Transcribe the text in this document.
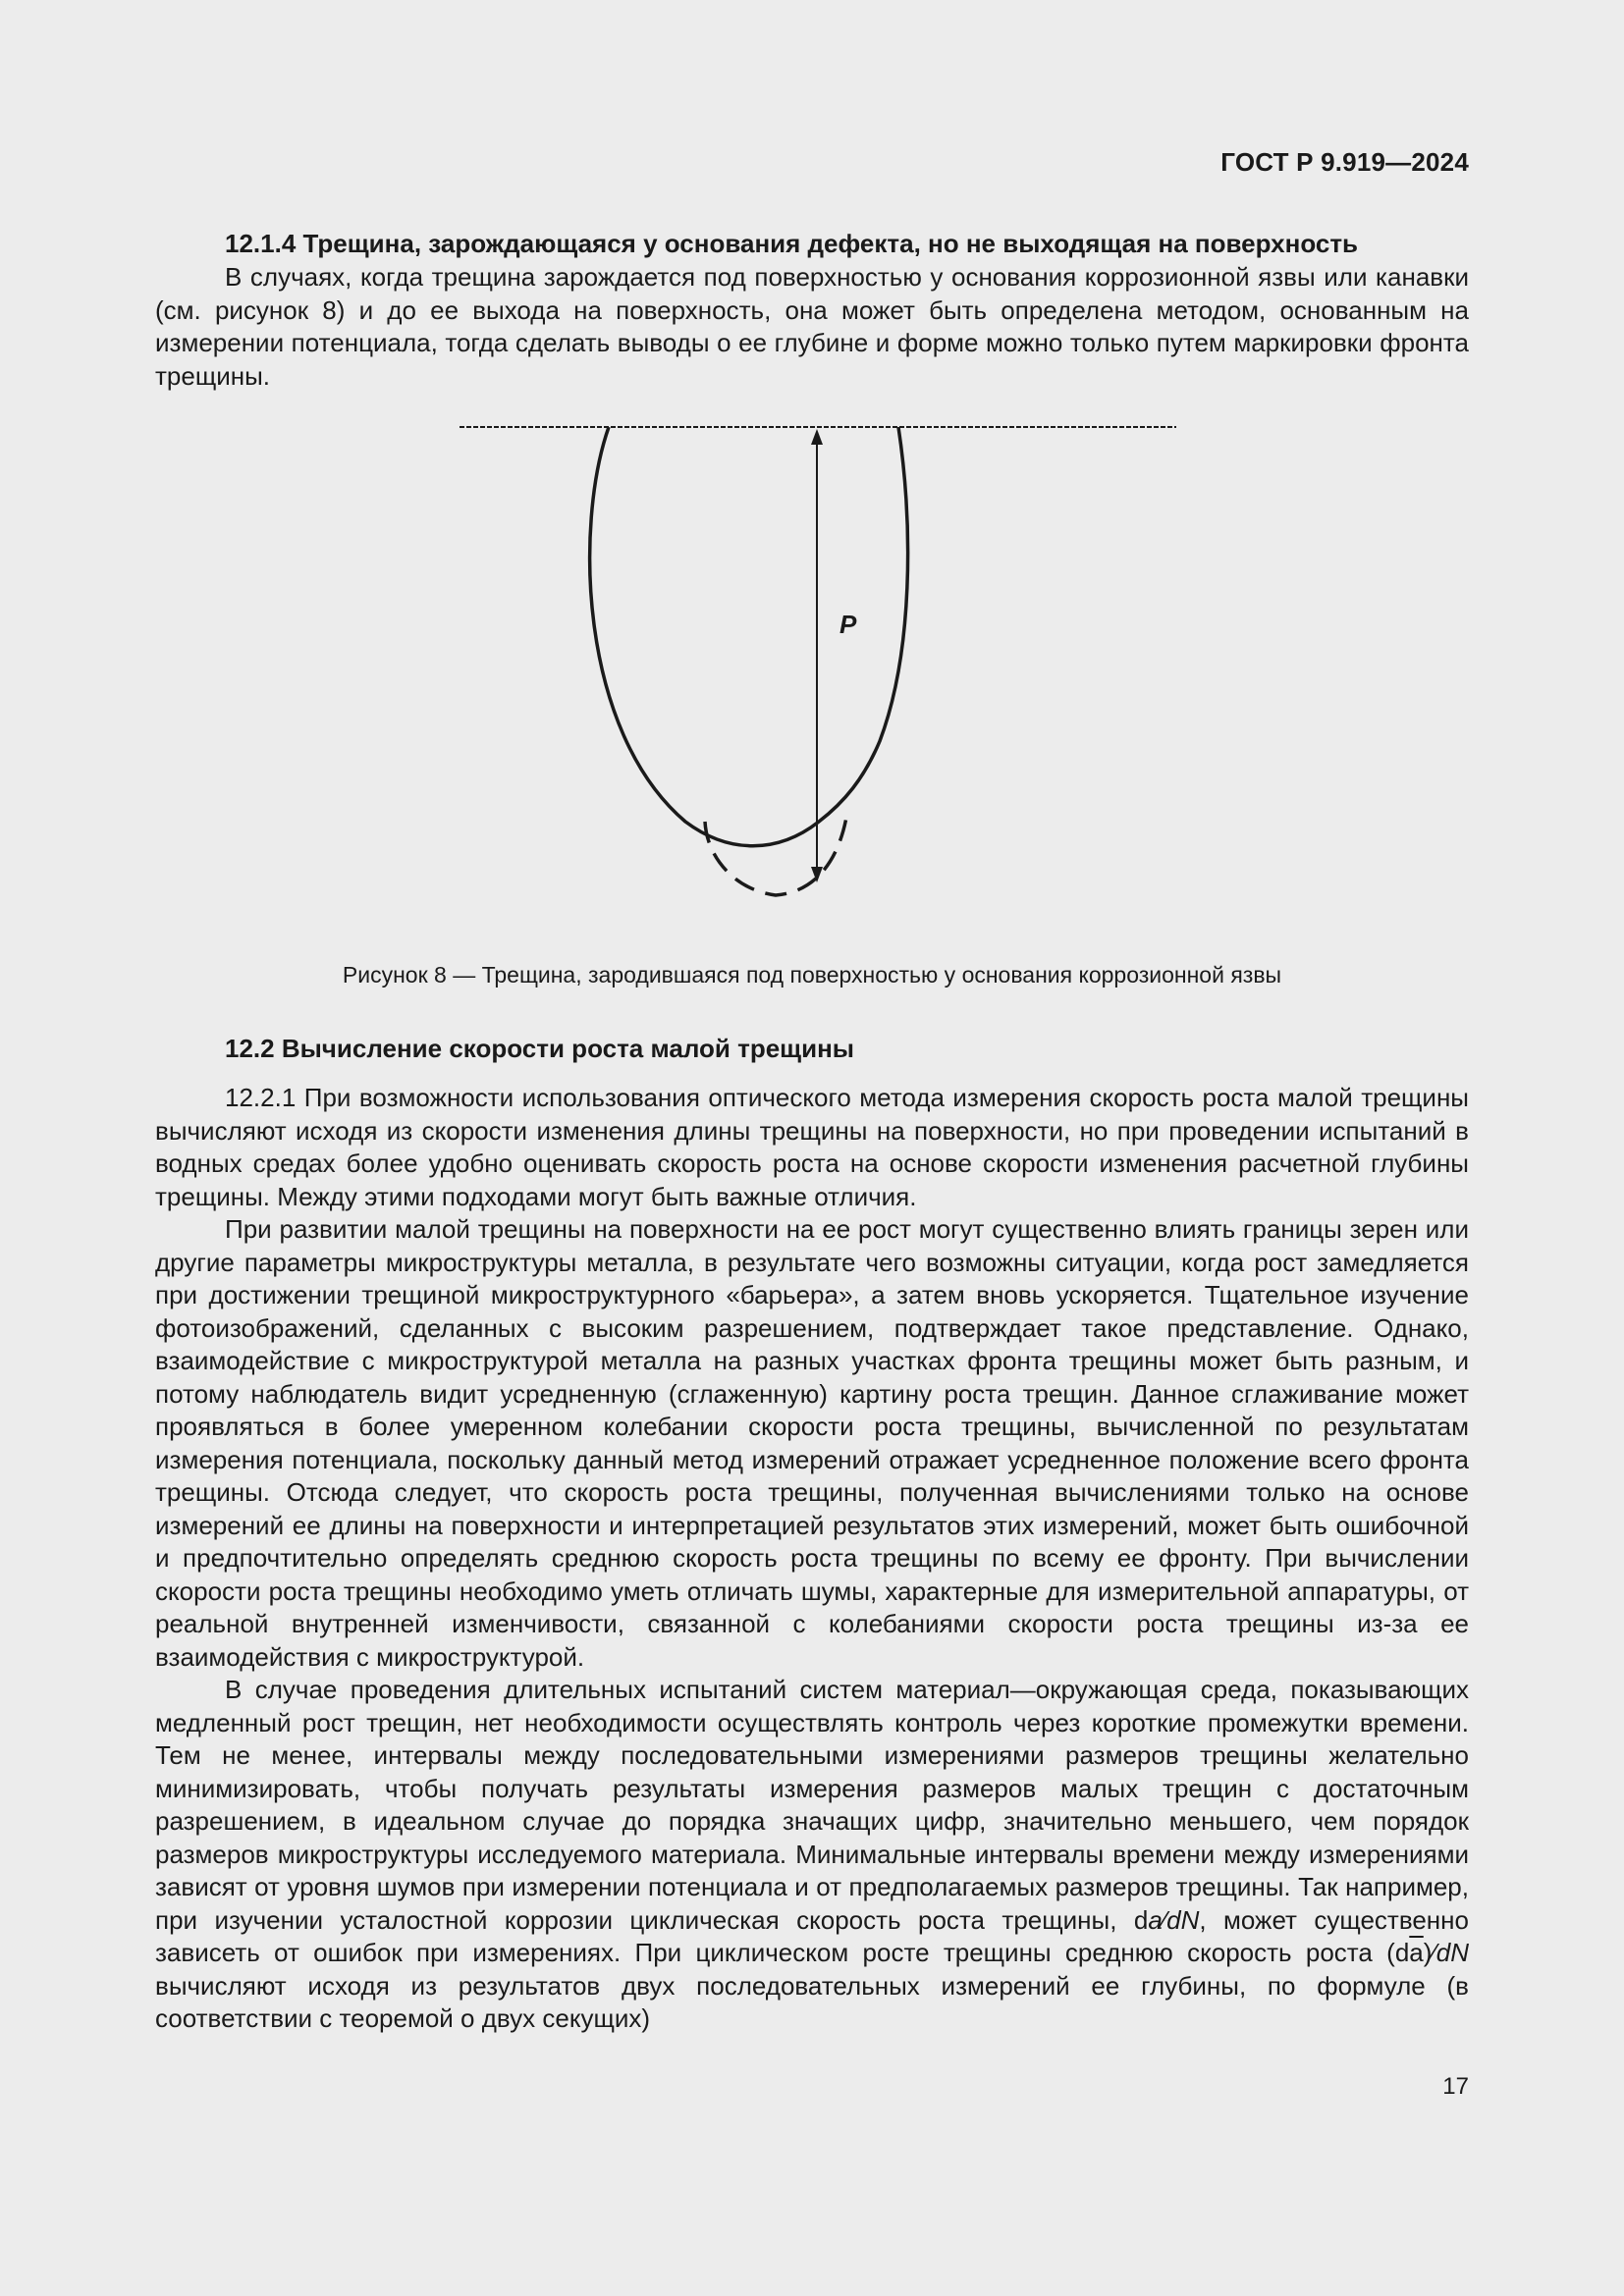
ГОСТ Р 9.919—2024
12.1.4 Трещина, зарождающаяся у основания дефекта, но не выходящая на поверхность

В случаях, когда трещина зарождается под поверхностью у основания коррозионной язвы или канавки (см. рисунок 8) и до ее выхода на поверхность, она может быть определена методом, основанным на измерении потенциала, тогда сделать выводы о ее глубине и форме можно только путем маркировки фронта трещины.

P
Рисунок 8 — Трещина, зародившаяся под поверхностью у основания коррозионной язвы
12.2 Вычисление скорости роста малой трещины

12.2.1 При возможности использования оптического метода измерения скорость роста малой трещины вычисляют исходя из скорости изменения длины трещины на поверхности, но при проведении испытаний в водных средах более удобно оценивать скорость роста на основе скорости изменения расчетной глубины трещины. Между этими подходами могут быть важные отличия.

При развитии малой трещины на поверхности на ее рост могут существенно влиять границы зерен или другие параметры микроструктуры металла, в результате чего возможны ситуации, когда рост замедляется при достижении трещиной микроструктурного «барьера», а затем вновь ускоряется. Тщательное изучение фотоизображений, сделанных с высоким разрешением, подтверждает такое представление. Однако, взаимодействие с микроструктурой металла на разных участках фронта трещины может быть разным, и потому наблюдатель видит усредненную (сглаженную) картину роста трещин. Данное сглаживание может проявляться в более умеренном колебании скорости роста трещины, вычисленной по результатам измерения потенциала, поскольку данный метод измерений отражает усредненное положение всего фронта трещины. Отсюда следует, что скорость роста трещины, полученная вычислениями только на основе измерений ее длины на поверхности и интерпретацией результатов этих измерений, может быть ошибочной и предпочтительно определять среднюю скорость роста трещины по всему ее фронту. При вычислении скорости роста трещины необходимо уметь отличать шумы, характерные для измерительной аппаратуры, от реальной внутренней изменчивости, связанной с колебаниями скорости роста трещины из-за ее взаимодействия с микроструктурой.

В случае проведения длительных испытаний систем материал—окружающая среда, показывающих медленный рост трещин, нет необходимости осуществлять контроль через короткие промежутки времени. Тем не менее, интервалы между последовательными измерениями размеров трещины желательно минимизировать, чтобы получать результаты измерения размеров малых трещин с достаточным разрешением, в идеальном случае до порядка значащих цифр, значительно меньшего, чем порядок размеров микроструктуры исследуемого материала. Минимальные интервалы времени между измерениями зависят от уровня шумов при измерении потенциала и от предполагаемых размеров трещины. Так например, при изучении усталостной коррозии циклическая скорость роста трещины, da⁄dN, может существенно зависеть от ошибок при измерениях. При циклическом росте трещины среднюю скорость роста $(d\overline{a})⁄dN$ вычисляют исходя из результатов двух последовательных измерений ее глубины, по формуле (в соответствии с теоремой о двух секущих)

17
